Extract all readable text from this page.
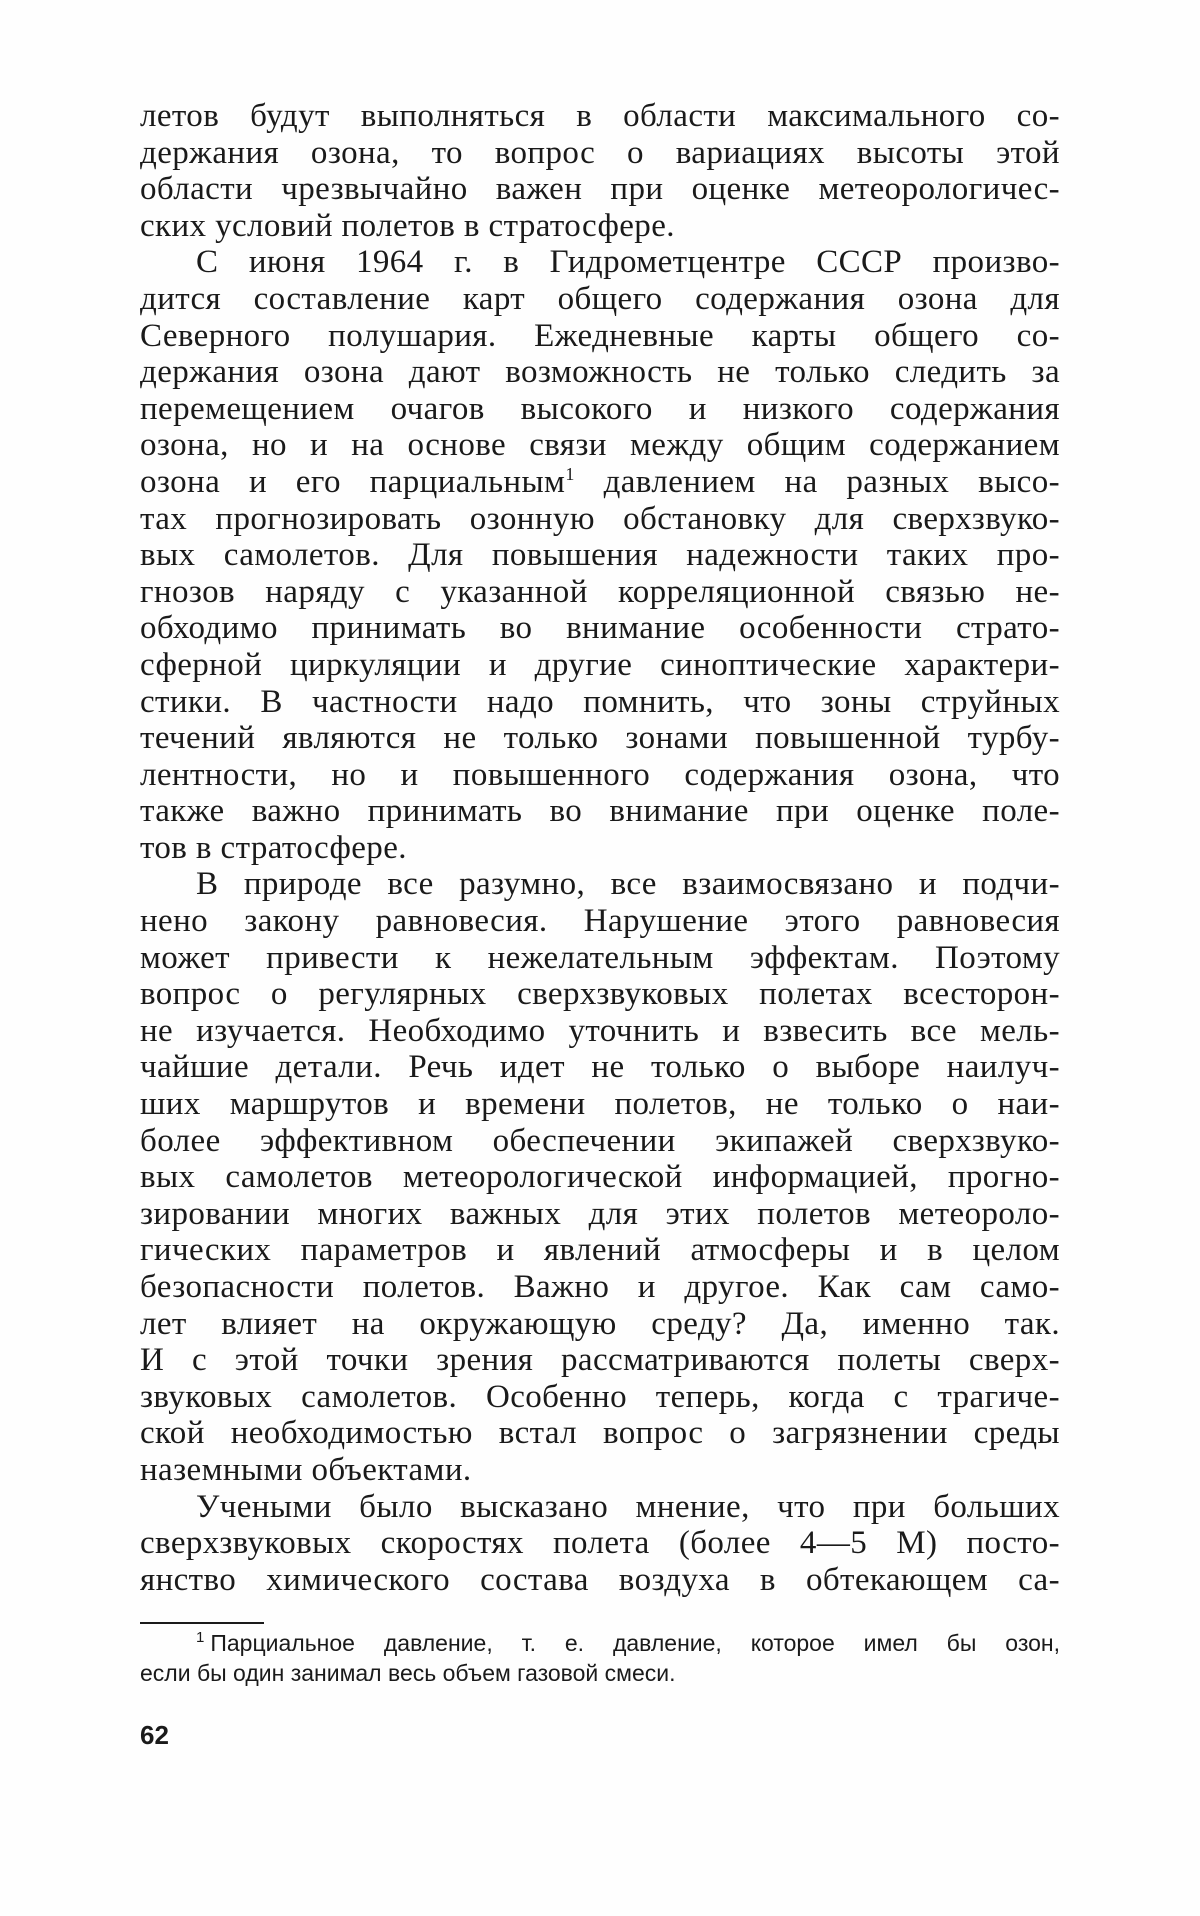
летов будут выполняться в области максимального со-
держания озона, то вопрос о вариациях высоты этой
области чрезвычайно важен при оценке метеорологичес-
ских условий полетов в стратосфере.
С июня 1964 г. в Гидрометцентре СССР произво-
дится составление карт общего содержания озона для
Северного полушария. Ежедневные карты общего со-
держания озона дают возможность не только следить за
перемещением очагов высокого и низкого содержания
озона, но и на основе связи между общим содержанием
озона и его парциальным$^1$ давлением на разных высо-
тах прогнозировать озонную обстановку для сверхзвуко-
вых самолетов. Для повышения надежности таких про-
гнозов наряду с указанной корреляционной связью не-
обходимо принимать во внимание особенности страто-
сферной циркуляции и другие синоптические характери-
стики. В частности надо помнить, что зоны струйных
течений являются не только зонами повышенной турбу-
лентности, но и повышенного содержания озона, что
также важно принимать во внимание при оценке поле-
тов в стратосфере.
В природе все разумно, все взаимосвязано и подчи-
нено закону равновесия. Нарушение этого равновесия
может привести к нежелательным эффектам. Поэтому
вопрос о регулярных сверхзвуковых полетах всесторон-
не изучается. Необходимо уточнить и взвесить все мель-
чайшие детали. Речь идет не только о выборе наилуч-
ших маршрутов и времени полетов, не только о наи-
более эффективном обеспечении экипажей сверхзвуко-
вых самолетов метеорологической информацией, прогно-
зировании многих важных для этих полетов метеороло-
гических параметров и явлений атмосферы и в целом
безопасности полетов. Важно и другое. Как сам само-
лет влияет на окружающую среду? Да, именно так.
И с этой точки зрения рассматриваются полеты сверх-
звуковых самолетов. Особенно теперь, когда с трагиче-
ской необходимостью встал вопрос о загрязнении среды
наземными объектами.
Учеными было высказано мнение, что при больших
сверхзвуковых скоростях полета (более 4—5 М) посто-
янство химического состава воздуха в обтекающем са-
$^1$ Парциальное давление, т. е. давление, которое имел бы озон,
если бы один занимал весь объем газовой смеси.
62
